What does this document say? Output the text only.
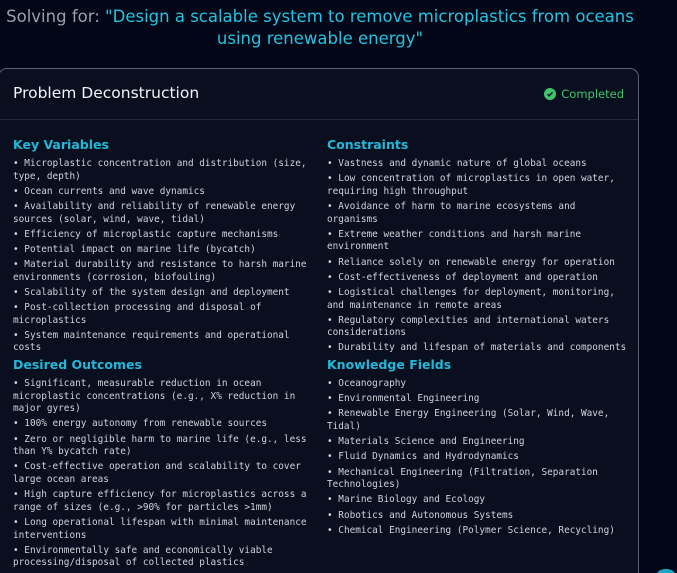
Solving for: "Design a scalable system to remove microplastics from oceans using renewable energy"
Problem Deconstruction	Completed
Key Variables
• Microplastic concentration and distribution (size, type, depth)
• Ocean currents and wave dynamics
• Availability and reliability of renewable energy sources (solar, wind, wave, tidal)
• Efficiency of microplastic capture mechanisms
• Potential impact on marine life (bycatch)
• Material durability and resistance to harsh marine environments (corrosion, biofouling)
• Scalability of the system design and deployment
• Post-collection processing and disposal of microplastics
• System maintenance requirements and operational costs
Constraints
• Vastness and dynamic nature of global oceans
• Low concentration of microplastics in open water, requiring high throughput
• Avoidance of harm to marine ecosystems and organisms
• Extreme weather conditions and harsh marine environment
• Reliance solely on renewable energy for operation
• Cost-effectiveness of deployment and operation
• Logistical challenges for deployment, monitoring, and maintenance in remote areas
• Regulatory complexities and international waters considerations
• Durability and lifespan of materials and components
Desired Outcomes
• Significant, measurable reduction in ocean microplastic concentrations (e.g., X% reduction in major gyres)
• 100% energy autonomy from renewable sources
• Zero or negligible harm to marine life (e.g., less than Y% bycatch rate)
• Cost-effective operation and scalability to cover large ocean areas
• High capture efficiency for microplastics across a range of sizes (e.g., >90% for particles >1mm)
• Long operational lifespan with minimal maintenance interventions
• Environmentally safe and economically viable processing/disposal of collected plastics
Knowledge Fields
• Oceanography
• Environmental Engineering
• Renewable Energy Engineering (Solar, Wind, Wave, Tidal)
• Materials Science and Engineering
• Fluid Dynamics and Hydrodynamics
• Mechanical Engineering (Filtration, Separation Technologies)
• Marine Biology and Ecology
• Robotics and Autonomous Systems
• Chemical Engineering (Polymer Science, Recycling)
